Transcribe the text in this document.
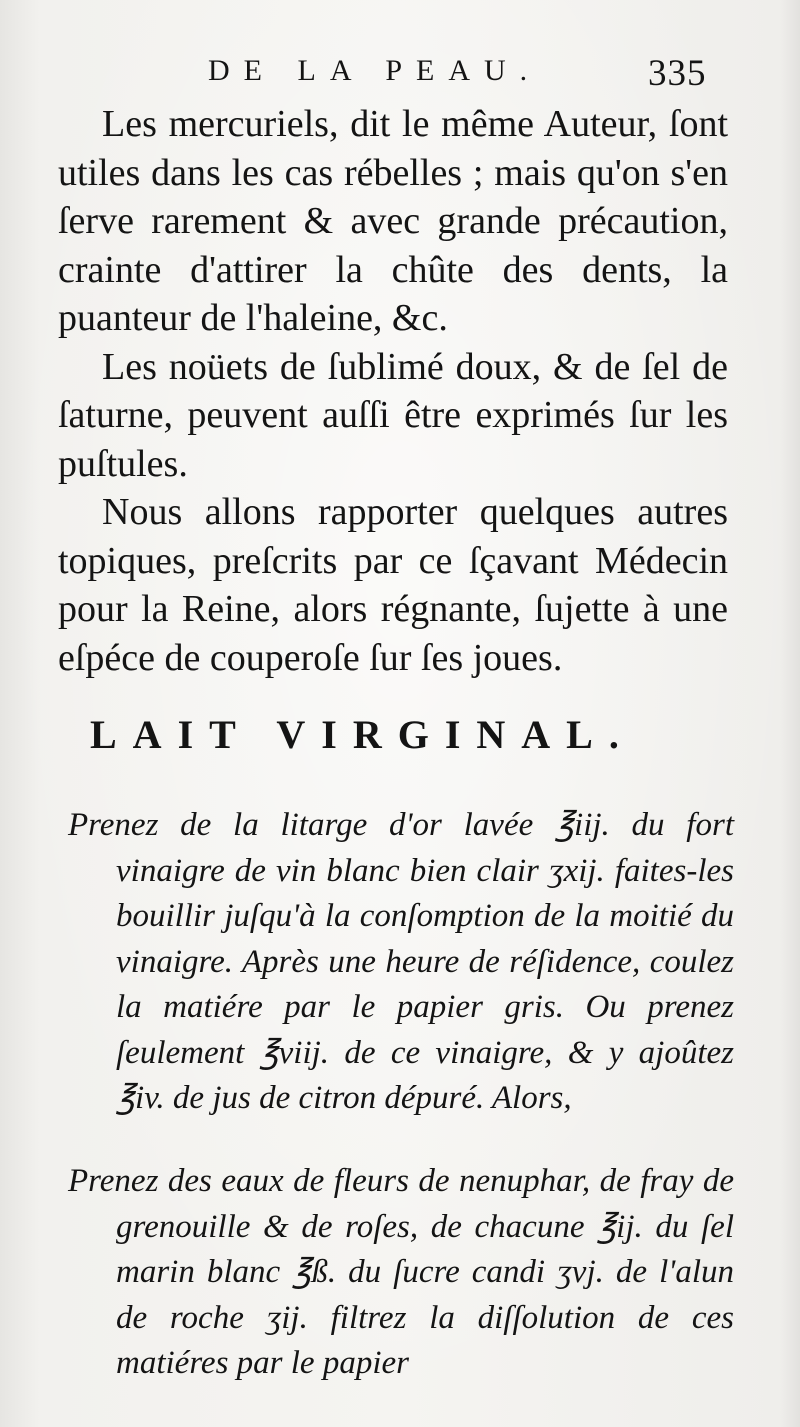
DE LA PEAU.	335

Les mercuriels, dit le même Auteur, ſont utiles dans les cas rébelles ; mais qu'on s'en ſerve rarement & avec grande précaution, crainte d'attirer la chûte des dents, la puanteur de l'haleine, &c.

Les noüets de ſublimé doux, & de ſel de ſaturne, peuvent auſſi être exprimés ſur les puſtules.

Nous allons rapporter quelques autres topiques, preſcrits par ce ſçavant Médecin pour la Reine, alors régnante, ſujette à une eſpéce de couperoſe ſur ſes joues.

LAIT VIRGINAL.

Prenez de la litarge d'or lavée ℥iij. du fort vinaigre de vin blanc bien clair ʒxij. faites-les bouillir juſqu'à la conſomption de la moitié du vinaigre. Après une heure de réſidence, coulez la matiére par le papier gris. Ou prenez ſeulement ℥viij. de ce vinaigre, & y ajoûtez ℥iv. de jus de citron dépuré. Alors,

Prenez des eaux de fleurs de nenuphar, de fray de grenouille & de roſes, de chacune ℥ij. du ſel marin blanc ℥ß. du ſucre candi ʒvj. de l'alun de roche ʒij. filtrez la diſſolution de ces matiéres par le papier
